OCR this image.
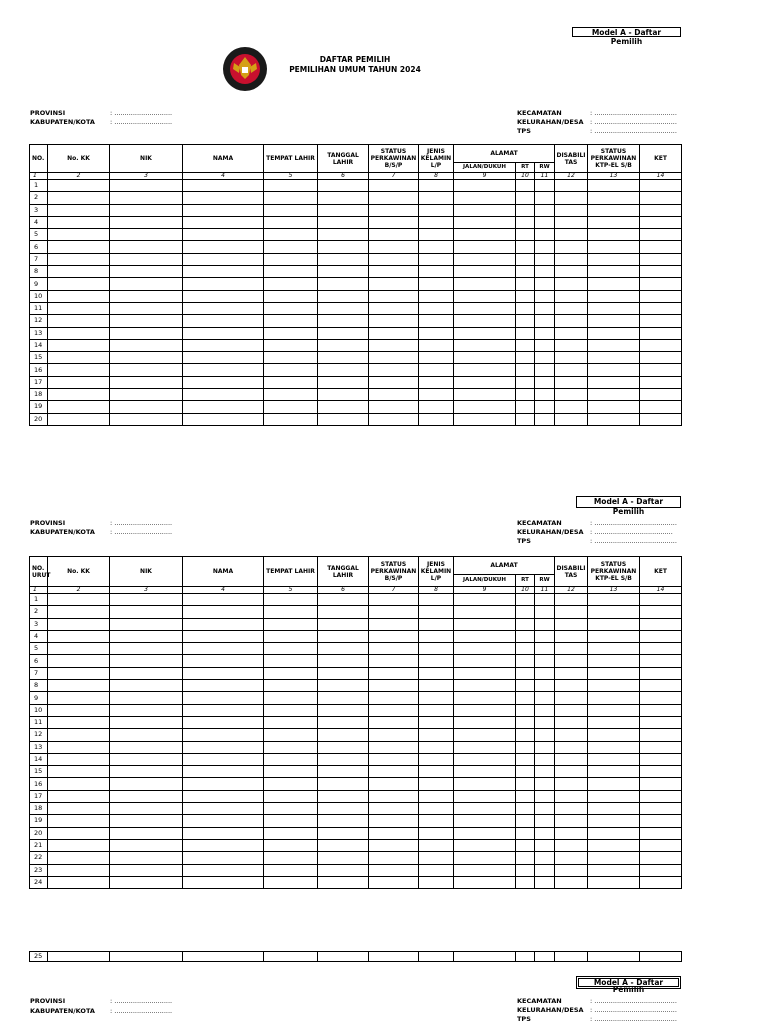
Model A - Daftar Pemilih
DAFTAR PEMILIH
PEMILIHAN UMUM TAHUN 2024
PROVINSI	: ............................
KABUPATEN/KOTA : ............................
KECAMATAN	: ........................................
KELURAHAN/DESA : ........................................
TPS	: ........................................
NO.	No. KK	NIK	NAMA	TEMPAT LAHIR	TANGGAL LAHIR	STATUS PERKAWINAN B/S/P	JENIS KELAMIN L/P	ALAMAT			DISABILI TAS	STATUS PERKAWINAN KTP-EL S/B	KET
								JALAN/DUKUH	RT	RW			
1	2	3	4	5	6	7	8	9	10	11	12	13	14
1													
2													
3													
4													
5													
6													
7													
8													
9													
10													
11													
12													
13													
14													
15													
16													
17													
18													
19													
20													
Model A - Daftar Pemilih
PROVINSI	: ............................
KABUPATEN/KOTA : ............................
KECAMATAN	: ........................................
KELURAHAN/DESA : ......................................
TPS	: ........................................
NO. URUT	No. KK	NIK	NAMA	TEMPAT LAHIR	TANGGAL LAHIR	STATUS PERKAWINAN B/S/P	JENIS KELAMIN L/P	ALAMAT			DISABILI TAS	STATUS PERKAWINAN KTP-EL S/B	KET
								JALAN/DUKUH	RT	RW			
1	2	3	4	5	6	7	8	9	10	11	12	13	14
1													
2													
3													
4													
5													
6													
7													
8													
9													
10													
11													
12													
13													
14													
15													
16													
17													
18													
19													
20													
21													
22													
23													
24													
25													
Model A - Daftar Pemilih
PROVINSI	: ............................
KABUPATEN/KOTA : ............................
KECAMATAN	: ........................................
KELURAHAN/DESA : ........................................
TPS	: ........................................
